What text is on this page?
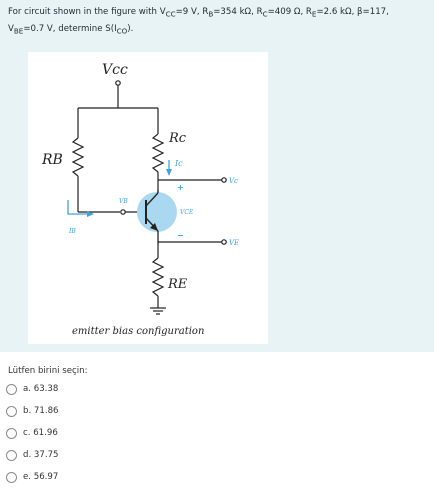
For circuit shown in the figure with $V_{CC}=9$ V, $R_B=354$ kΩ, $R_C=409$ Ω, $R_E=2.6$ kΩ, β=117,
$V_{BE}=0.7$ V, determine $S(I_{CO})$.
Vcc
RB
Rc
Ic
Vc
VB
VCE
+
−
VE
IB
RE
emitter bias configuration
Lütfen birini seçin:
a. 63.38
b. 71.86
c. 61.96
d. 37.75
e. 56.97
